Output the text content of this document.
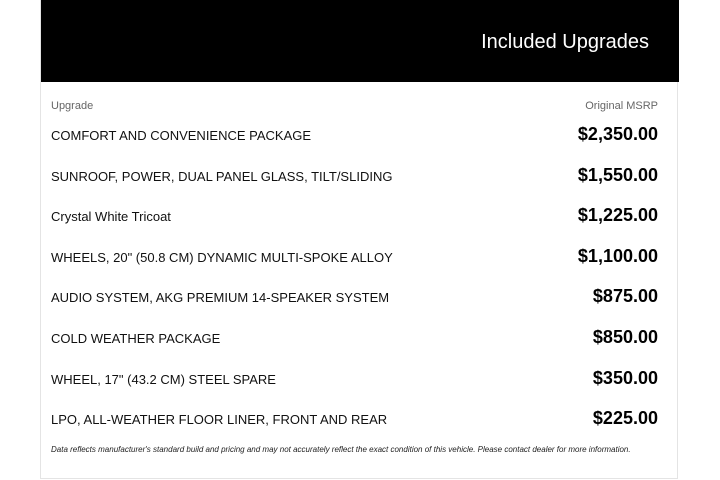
Included Upgrades
Upgrade	Original MSRP
COMFORT AND CONVENIENCE PACKAGE	$2,350.00
SUNROOF, POWER, DUAL PANEL GLASS, TILT/SLIDING	$1,550.00
Crystal White Tricoat	$1,225.00
WHEELS, 20" (50.8 CM) DYNAMIC MULTI-SPOKE ALLOY	$1,100.00
AUDIO SYSTEM, AKG PREMIUM 14-SPEAKER SYSTEM	$875.00
COLD WEATHER PACKAGE	$850.00
WHEEL, 17" (43.2 CM) STEEL SPARE	$350.00
LPO, ALL-WEATHER FLOOR LINER, FRONT AND REAR	$225.00
Data reflects manufacturer's standard build and pricing and may not accurately reflect the exact condition of this vehicle. Please contact dealer for more information.
